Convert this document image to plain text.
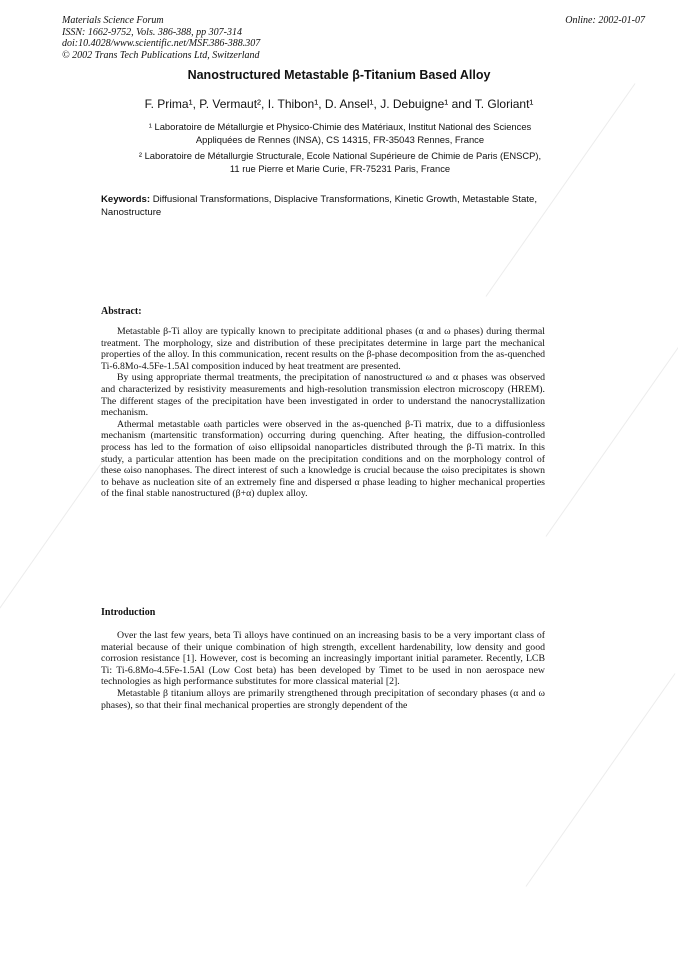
Materials Science Forum
ISSN: 1662-9752, Vols. 386-388, pp 307-314
doi:10.4028/www.scientific.net/MSF.386-388.307
© 2002 Trans Tech Publications Ltd, Switzerland
Online: 2002-01-07
Nanostructured Metastable β-Titanium Based Alloy
F. Prima¹, P. Vermaut², I. Thibon¹, D. Ansel¹, J. Debuigne¹ and T. Gloriant¹
¹ Laboratoire de Métallurgie et Physico-Chimie des Matériaux, Institut National des Sciences
Appliquées de Rennes (INSA), CS 14315, FR-35043 Rennes, France
² Laboratoire de Métallurgie Structurale, Ecole National Supérieure de Chimie de Paris (ENSCP),
11 rue Pierre et Marie Curie, FR-75231 Paris, France
Keywords: Diffusional Transformations, Displacive Transformations, Kinetic Growth, Metastable State, Nanostructure
Abstract:

Metastable β-Ti alloy are typically known to precipitate additional phases (α and ω phases) during thermal treatment. The morphology, size and distribution of these precipitates determine in large part the mechanical properties of the alloy. In this communication, recent results on the β-phase decomposition from the as-quenched Ti-6.8Mo-4.5Fe-1.5Al composition induced by heat treatment are presented.

By using appropriate thermal treatments, the precipitation of nanostructured ω and α phases was observed and characterized by resistivity measurements and high-resolution transmission electron microscopy (HREM). The different stages of the precipitation have been investigated in order to understand the nanocrystallization mechanism.

Athermal metastable ωath particles were observed in the as-quenched β-Ti matrix, due to a diffusionless mechanism (martensitic transformation) occurring during quenching. After heating, the diffusion-controlled process has led to the formation of ωiso ellipsoidal nanoparticles distributed through the β-Ti matrix. In this study, a particular attention has been made on the precipitation conditions and on the morphology control of these ωiso nanophases. The direct interest of such a knowledge is crucial because the ωiso precipitates is shown to behave as nucleation site of an extremely fine and dispersed α phase leading to higher mechanical properties of the final stable nanostructured (β+α) duplex alloy.

Introduction

Over the last few years, beta Ti alloys have continued on an increasing basis to be a very important class of material because of their unique combination of high strength, excellent hardenability, low density and good corrosion resistance [1]. However, cost is becoming an increasingly important initial parameter. Recently, LCB Ti: Ti-6.8Mo-4.5Fe-1.5Al (Low Cost beta) has been developed by Timet to be used in non aerospace new technologies as high performance substitutes for more classical material [2].

Metastable β titanium alloys are primarily strengthened through precipitation of secondary phases (α and ω phases), so that their final mechanical properties are strongly dependent of the
